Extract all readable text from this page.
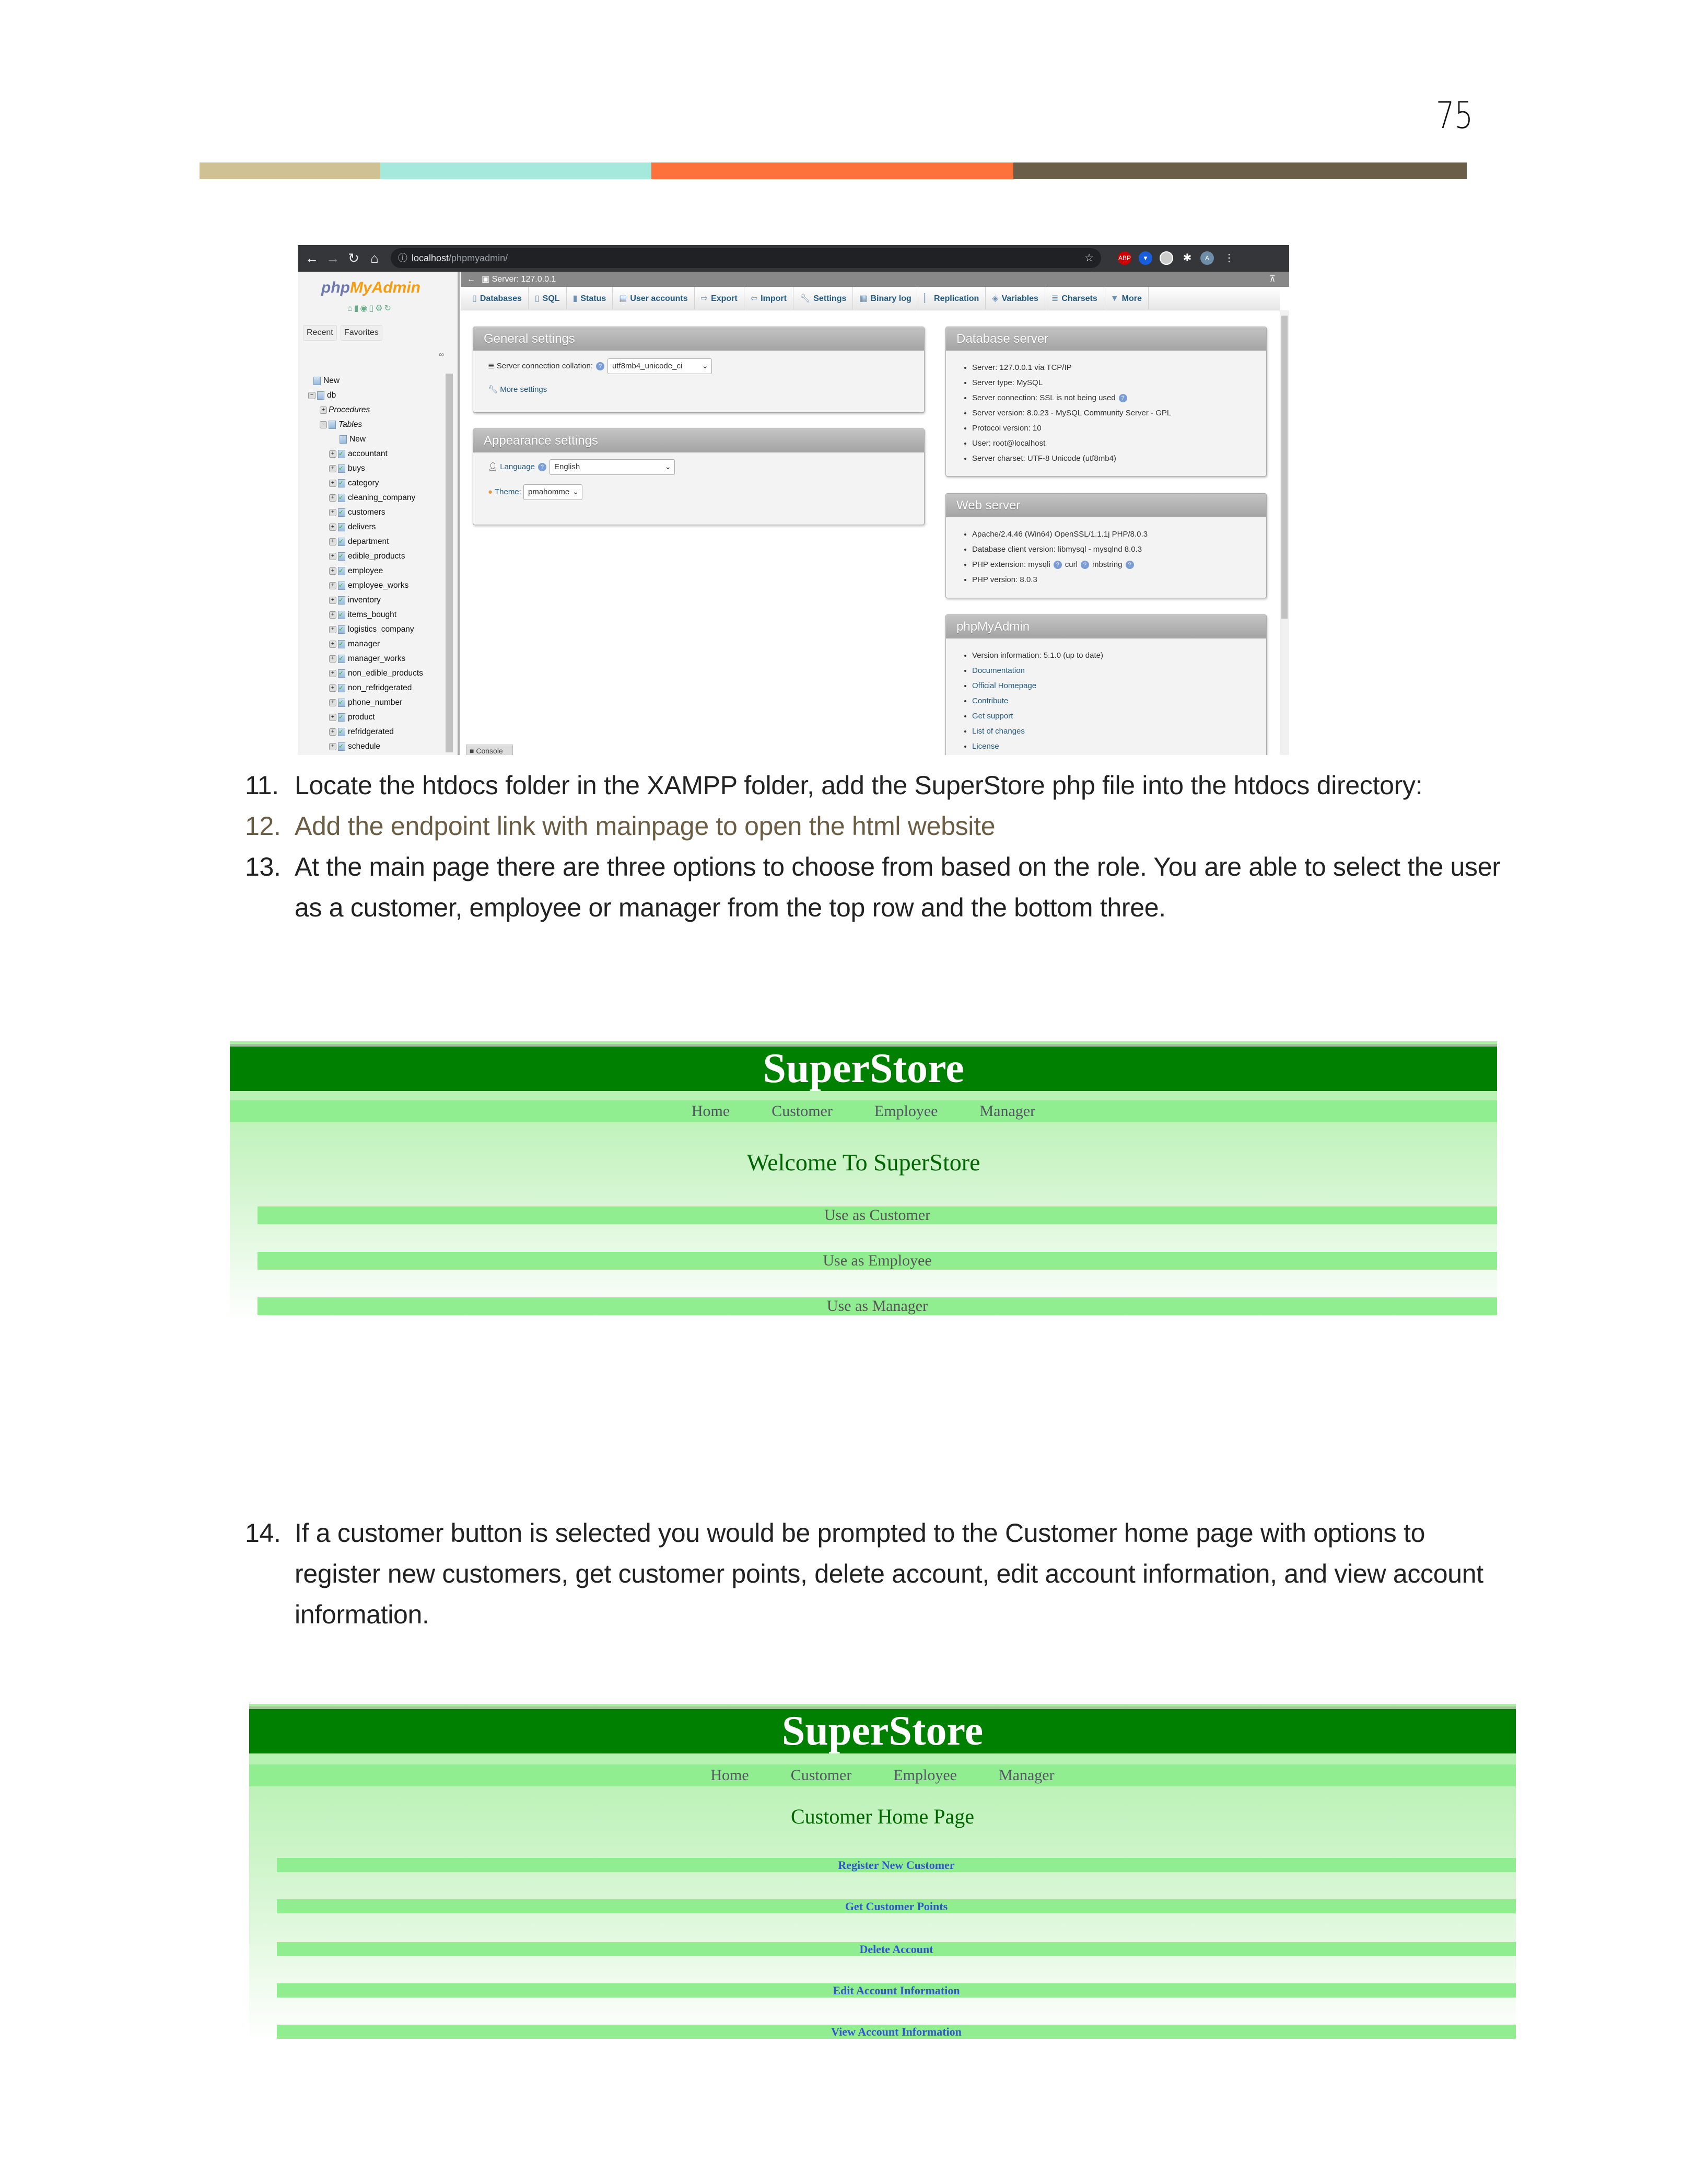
75
← → ↻ ⌂	ⓘ localhost/phpmyadmin/	☆	ABP	▼	✱	A	⋮
phpMyAdmin
⌂▮◉▯⚙↻
Recent	Favorites
∞
New
− db
+ Procedures
− Tables
New
+ ✓ accountant
+ ✓ buys
+ ✓ category
+ ✓ cleaning_company
+ ✓ customers
+ ✓ delivers
+ ✓ department
+ ✓ edible_products
+ ✓ employee
+ ✓ employee_works
+ ✓ inventory
+ ✓ items_bought
+ ✓ logistics_company
+ ✓ manager
+ ✓ manager_works
+ ✓ non_edible_products
+ ✓ non_refridgerated
+ ✓ phone_number
+ ✓ product
+ ✓ refridgerated
+ ✓ schedule
← ▣ Server: 127.0.0.1	⊼
▯ Databases	▯ SQL	▮ Status	▤ User accounts	⇨ Export	⇦ Import	🔧︎ Settings	▦ Binary log	▏ Replication	◈ Variables	≣ Charsets	▼ More
General settings
≣ Server connection collation: ? utf8mb4_unicode_ci ⌄
🔧︎ More settings
Appearance settings
👤︎ Language ? English	⌄
● Theme: pmahomme ⌄
Database server
• Server: 127.0.0.1 via TCP/IP
• Server type: MySQL
• Server connection: SSL is not being used ?
• Server version: 8.0.23 - MySQL Community Server - GPL
• Protocol version: 10
• User: root@localhost
• Server charset: UTF-8 Unicode (utf8mb4)
Web server
• Apache/2.4.46 (Win64) OpenSSL/1.1.1j PHP/8.0.3
• Database client version: libmysql - mysqlnd 8.0.3
• PHP extension: mysqli ? curl ? mbstring ?
• PHP version: 8.0.3
phpMyAdmin
• Version information: 5.1.0 (up to date)
• Documentation
• Official Homepage
• Contribute
• Get support
• List of changes
• License
■ Console
11. Locate the htdocs folder in the XAMPP folder, add the SuperStore php file into the htdocs directory:
12. Add the endpoint link with mainpage to open the html website
13. At the main page there are three options to choose from based on the role. You are able to select the user as a customer, employee or manager from the top row and the bottom three.
SuperStore
Home	Customer	Employee	Manager
Welcome To SuperStore
Use as Customer
Use as Employee
Use as Manager
14. If a customer button is selected you would be prompted to the Customer home page with options to register new customers, get customer points, delete account, edit account information, and view account information.
SuperStore
Home	Customer	Employee	Manager
Customer Home Page
Register New Customer
Get Customer Points
Delete Account
Edit Account Information
View Account Information
